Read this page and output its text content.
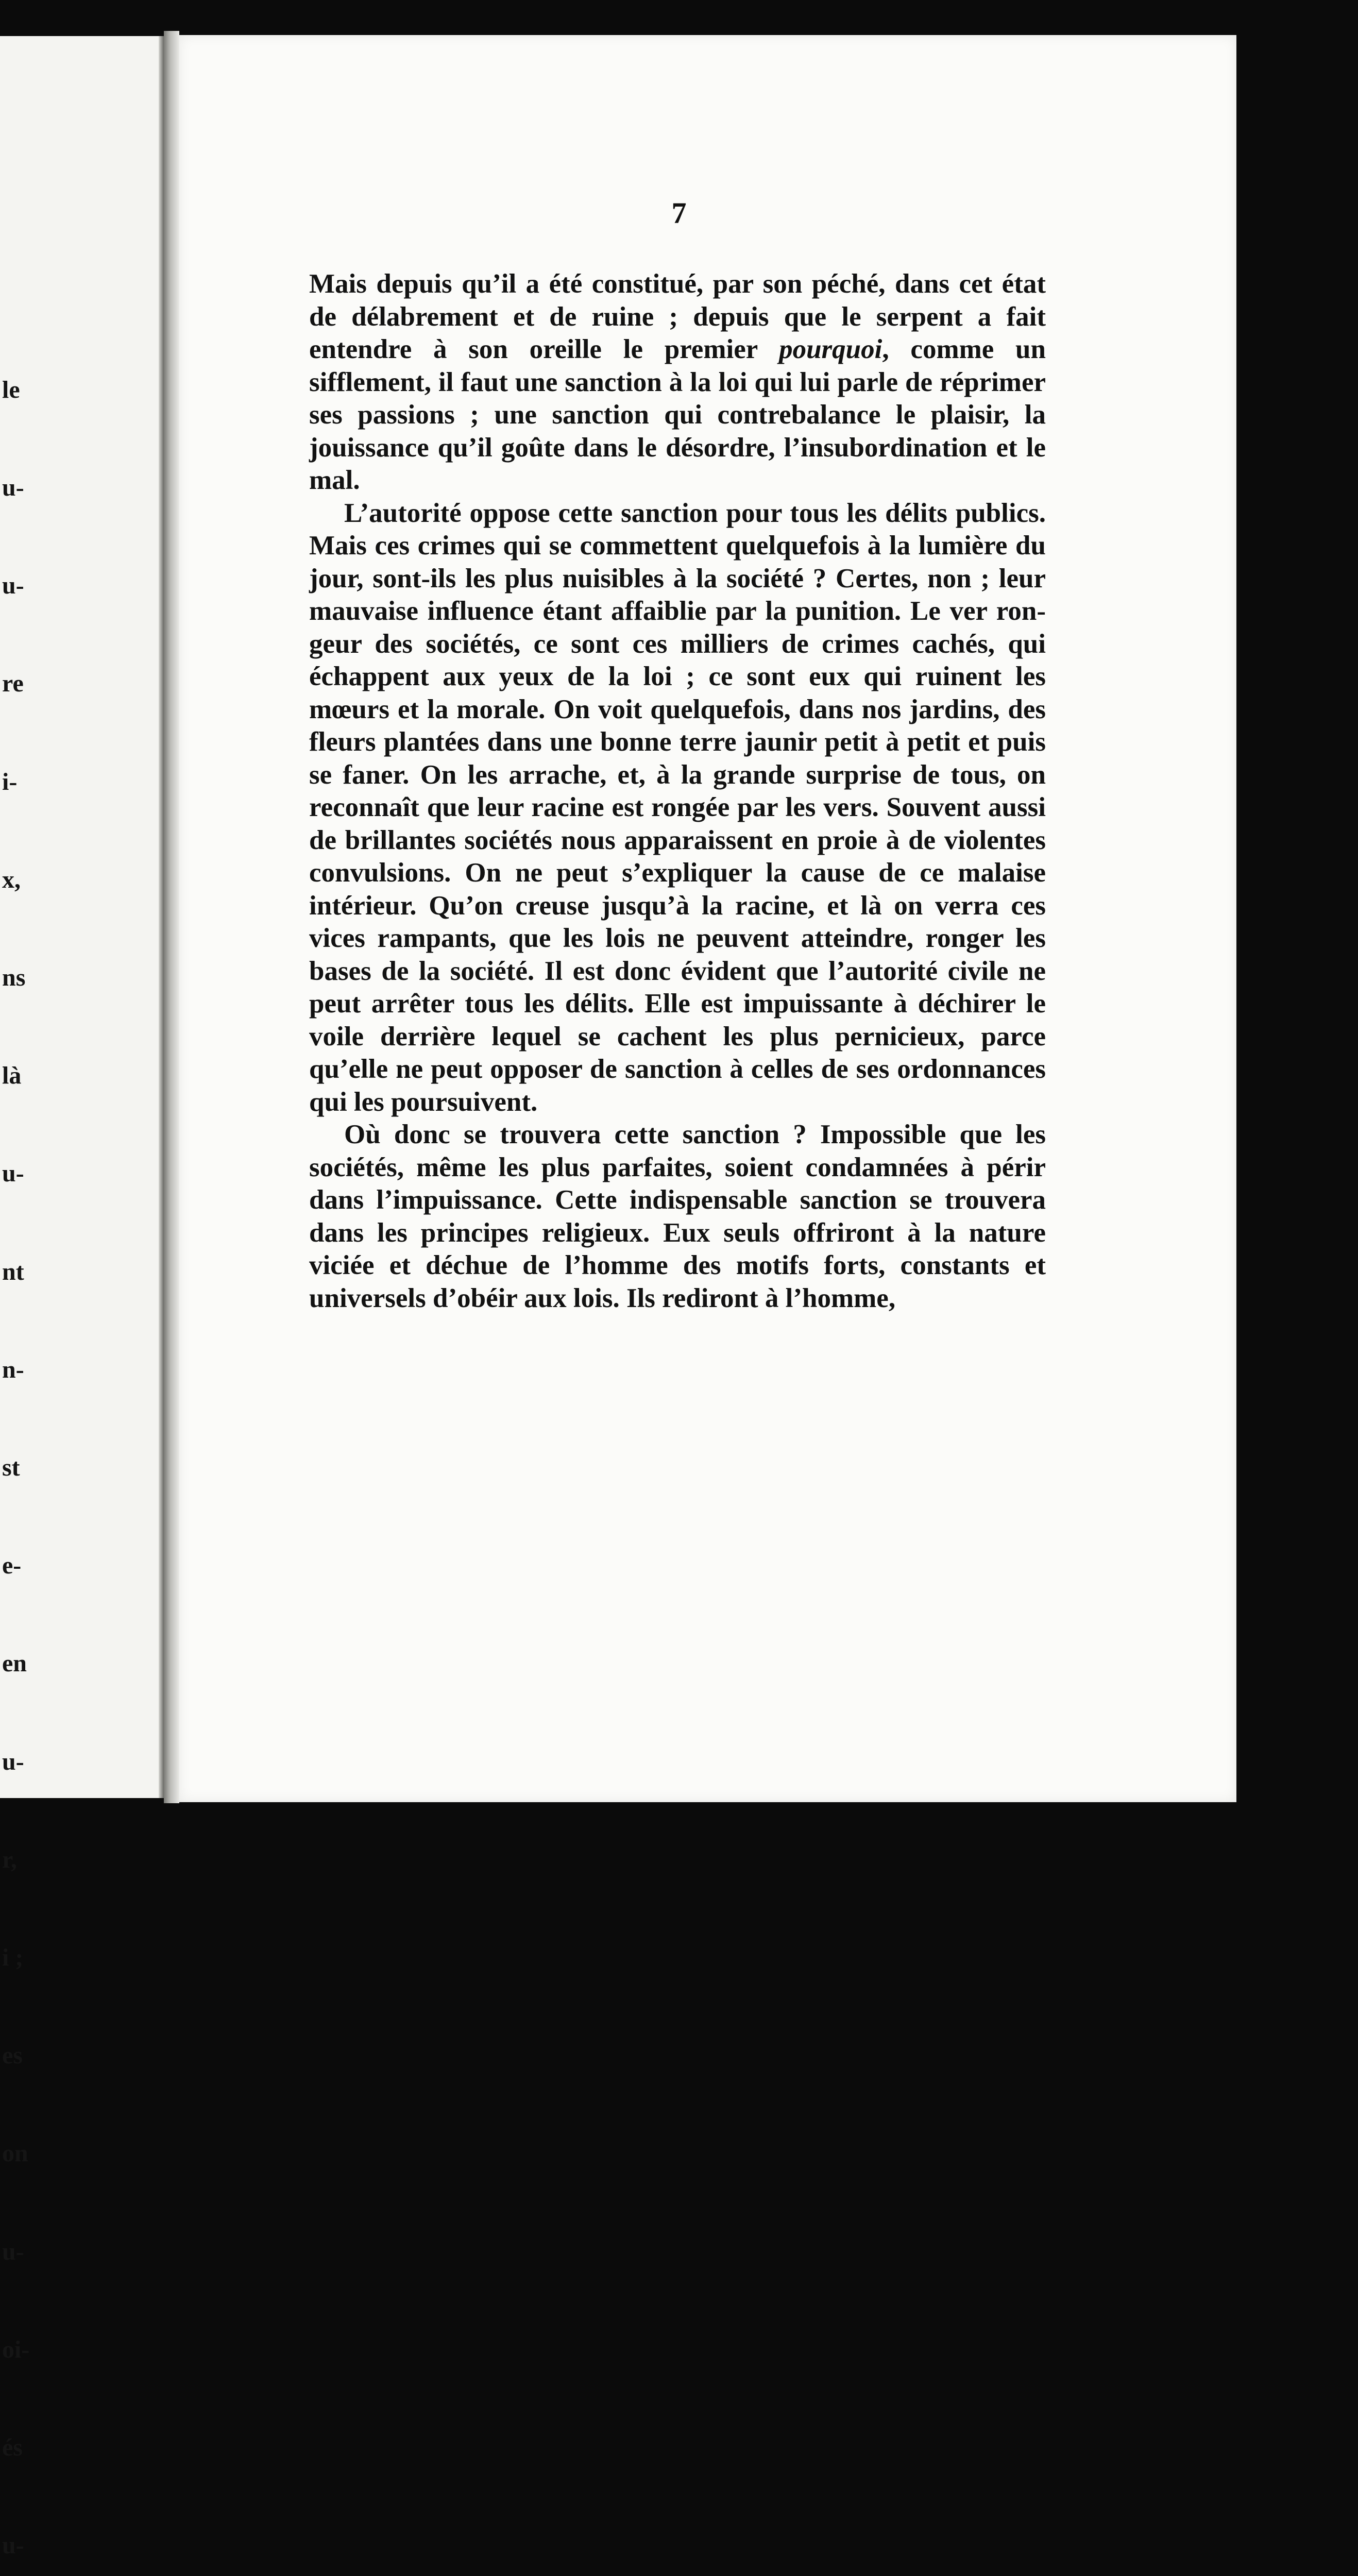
le

u-

u-

re

i-

x,

ns

là

u-

nt

n-

st

e-

en

u-

r,

i ;

es

on

u-

oi-

és

u-

7

Mais depuis qu’il a été constitué, par son péché, dans cet état de délabrement et de ruine ; depuis que le serpent a fait entendre à son oreille le premier pourquoi, comme un sifflement, il faut une sanction à la loi qui lui parle de réprimer ses passions ; une sanction qui contrebalance le plaisir, la jouissance qu’il goûte dans le désordre, l’insubordination et le mal.

L’autorité oppose cette sanction pour tous les délits publics. Mais ces crimes qui se commettent quelquefois à la lumière du jour, sont-ils les plus nuisibles à la société ? Certes, non ; leur mauvaise influence étant affaiblie par la punition. Le ver rongeur des sociétés, ce sont ces milliers de crimes cachés, qui échappent aux yeux de la loi ; ce sont eux qui ruinent les mœurs et la morale. On voit quelquefois, dans nos jardins, des fleurs plantées dans une bonne terre jaunir petit à petit et puis se faner. On les arrache, et, à la grande surprise de tous, on reconnaît que leur racine est rongée par les vers. Souvent aussi de brillantes sociétés nous apparaissent en proie à de violentes convulsions. On ne peut s’expliquer la cause de ce malaise intérieur. Qu’on creuse jusqu’à la racine, et là on verra ces vices rampants, que les lois ne peuvent atteindre, ronger les bases de la société. Il est donc évident que l’autorité civile ne peut arrêter tous les délits. Elle est impuissante à déchirer le voile derrière lequel se cachent les plus pernicieux, parce qu’elle ne peut opposer de sanction à celles de ses ordonnances qui les poursuivent.

Où donc se trouvera cette sanction ? Impossible que les sociétés, même les plus parfaites, soient condamnées à périr dans l’impuissance. Cette indispensable sanction se trouvera dans les principes religieux. Eux seuls offriront à la nature viciée et déchue de l’homme des motifs forts, constants et universels d’obéir aux lois. Ils rediront à l’homme,
